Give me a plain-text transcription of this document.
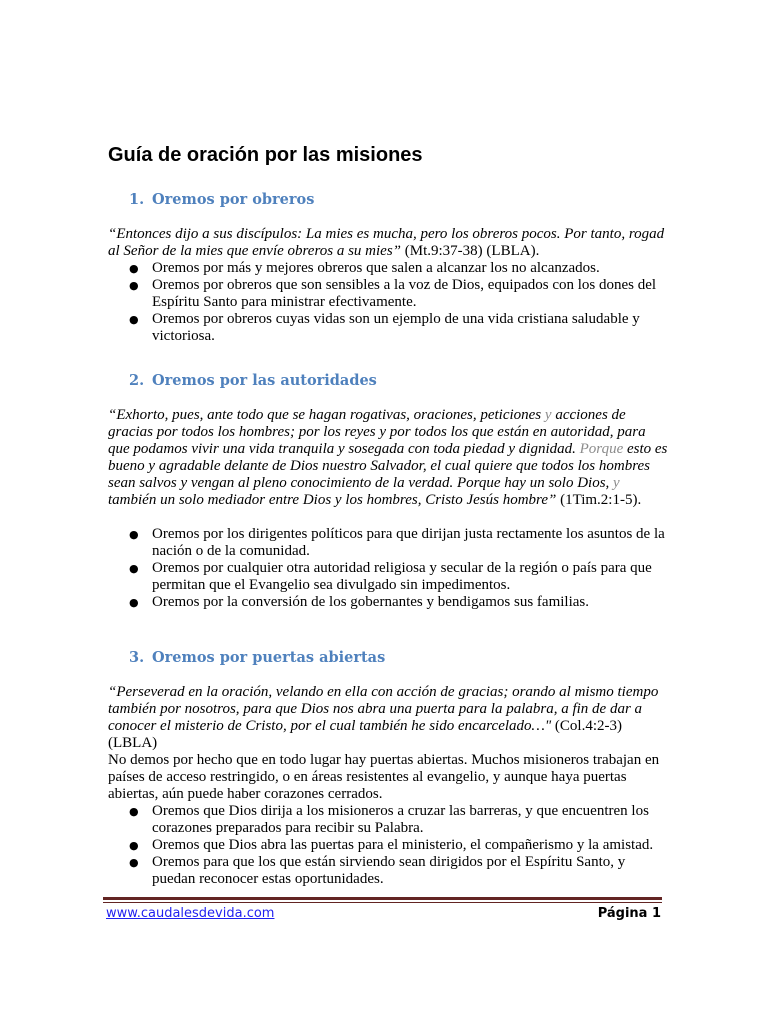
Guía de oración por las misiones
1. Oremos por obreros

“Entonces dijo a sus discípulos: La mies es mucha, pero los obreros pocos. Por tanto, rogad al Señor de la mies que envíe obreros a su mies” (Mt.9:37-38) (LBLA).

● Oremos por más y mejores obreros que salen a alcanzar los no alcanzados.
● Oremos por obreros que son sensibles a la voz de Dios, equipados con los dones del Espíritu Santo para ministrar efectivamente.
● Oremos por obreros cuyas vidas son un ejemplo de una vida cristiana saludable y victoriosa.
2. Oremos por las autoridades

“Exhorto, pues, ante todo que se hagan rogativas, oraciones, peticiones y acciones de gracias por todos los hombres; por los reyes y por todos los que están en autoridad, para que podamos vivir una vida tranquila y sosegada con toda piedad y dignidad. Porque esto es bueno y agradable delante de Dios nuestro Salvador, el cual quiere que todos los hombres sean salvos y vengan al pleno conocimiento de la verdad. Porque hay un solo Dios, y también un solo mediador entre Dios y los hombres, Cristo Jesús hombre” (1Tim.2:1-5).

● Oremos por los dirigentes políticos para que dirijan justa rectamente los asuntos de la nación o de la comunidad.
● Oremos por cualquier otra autoridad religiosa y secular de la región o país para que permitan que el Evangelio sea divulgado sin impedimentos.
● Oremos por la conversión de los gobernantes y bendigamos sus familias.
3. Oremos por puertas abiertas

“Perseverad en la oración, velando en ella con acción de gracias; orando al mismo tiempo también por nosotros, para que Dios nos abra una puerta para la palabra, a fin de dar a conocer el misterio de Cristo, por el cual también he sido encarcelado…" (Col.4:2-3) (LBLA)

No demos por hecho que en todo lugar hay puertas abiertas. Muchos misioneros trabajan en países de acceso restringido, o en áreas resistentes al evangelio, y aunque haya puertas abiertas, aún puede haber corazones cerrados.

● Oremos que Dios dirija a los misioneros a cruzar las barreras, y que encuentren los corazones preparados para recibir su Palabra.
● Oremos que Dios abra las puertas para el ministerio, el compañerismo y la amistad.
● Oremos para que los que están sirviendo sean dirigidos por el Espíritu Santo, y puedan reconocer estas oportunidades.
www.caudalesdevida.com	Página 1
